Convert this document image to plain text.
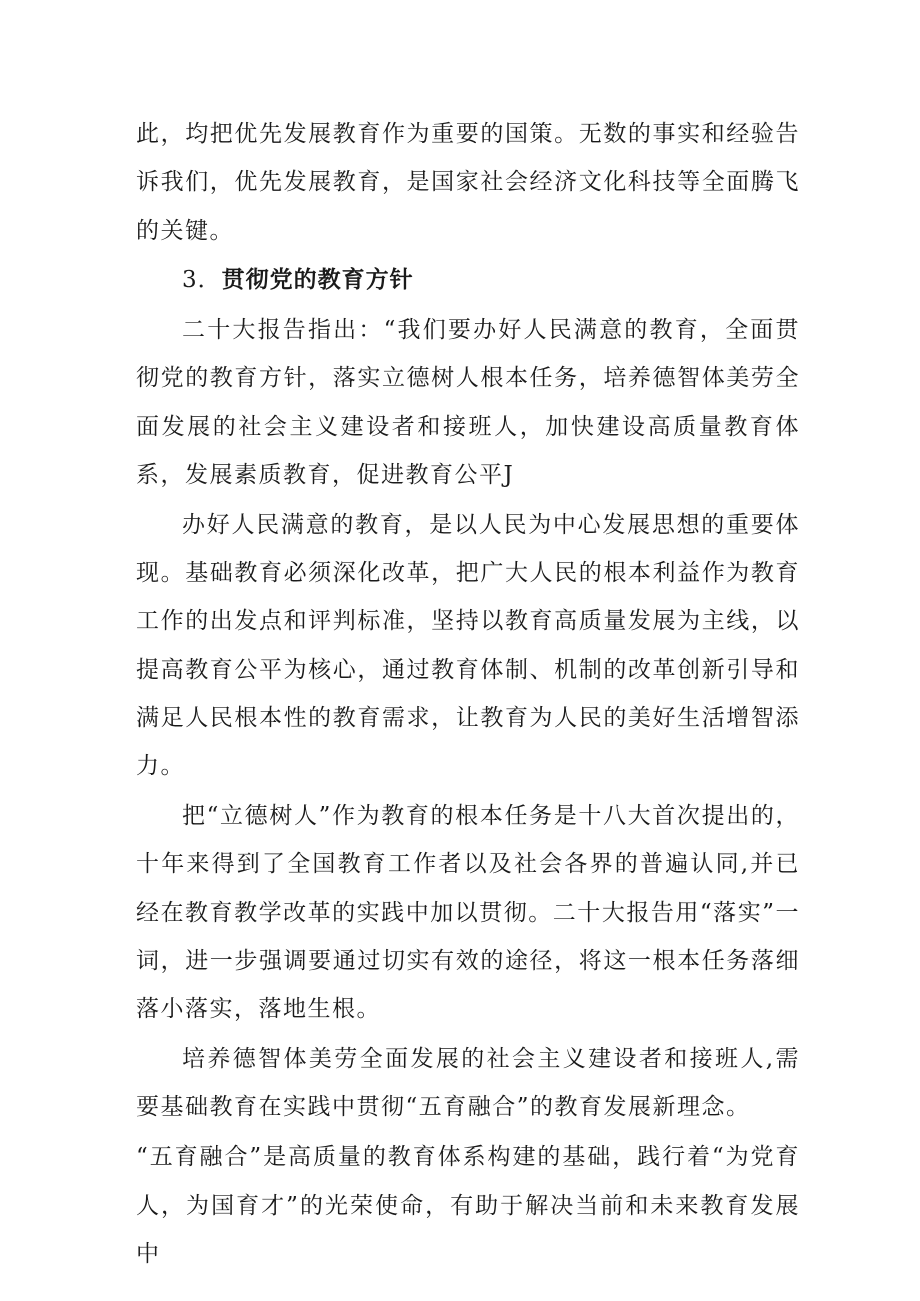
此，均把优先发展教育作为重要的国策。无数的事实和经验告诉我们，优先发展教育，是国家社会经济文化科技等全面腾飞的关键。

3．贯彻党的教育方针

二十大报告指出：“我们要办好人民满意的教育，全面贯彻党的教育方针，落实立德树人根本任务，培养德智体美劳全面发展的社会主义建设者和接班人，加快建设高质量教育体系，发展素质教育，促进教育公平J

办好人民满意的教育，是以人民为中心发展思想的重要体现。基础教育必须深化改革，把广大人民的根本利益作为教育工作的出发点和评判标准，坚持以教育高质量发展为主线，以提高教育公平为核心，通过教育体制、机制的改革创新引导和满足人民根本性的教育需求，让教育为人民的美好生活增智添力。

把“立德树人”作为教育的根本任务是十八大首次提出的，十年来得到了全国教育工作者以及社会各界的普遍认同,并已经在教育教学改革的实践中加以贯彻。二十大报告用“落实”一词，进一步强调要通过切实有效的途径，将这一根本任务落细落小落实，落地生根。

培养德智体美劳全面发展的社会主义建设者和接班人,需要基础教育在实践中贯彻“五育融合”的教育发展新理念。

“五育融合”是高质量的教育体系构建的基础，践行着“为党育人，为国育才”的光荣使命，有助于解决当前和未来教育发展中
